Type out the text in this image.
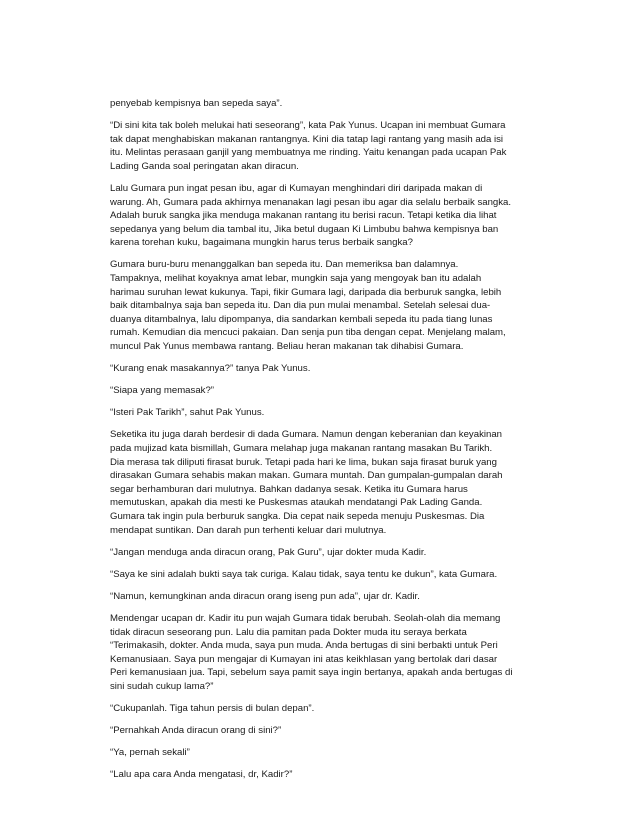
penyebab kempisnya ban sepeda saya”.

“Di sini kita tak boleh melukai hati seseorang”, kata Pak Yunus. Ucapan ini membuat Gumara
tak dapat menghabiskan makanan rantangnya. Kini dia tatap lagi rantang yang masih ada isi
itu. Melintas perasaan ganjil yang membuatnya me rinding. Yaitu kenangan pada ucapan Pak
Lading Ganda soal peringatan akan diracun.

Lalu Gumara pun ingat pesan ibu, agar di Kumayan menghindari diri daripada makan di
warung. Ah, Gumara pada akhirnya menanakan lagi pesan ibu agar dia selalu berbaik sangka.
Adalah buruk sangka jika menduga makanan rantang itu berisi racun. Tetapi ketika dia lihat
sepedanya yang belum dia tambal itu, Jika betul dugaan Ki Limbubu bahwa kempisnya ban
karena torehan kuku, bagaimana mungkin harus terus berbaik sangka?

Gumara buru-buru menanggalkan ban sepeda itu. Dan memeriksa ban dalamnya.
Tampaknya, melihat koyaknya amat lebar, mungkin saja yang mengoyak ban itu adalah
harimau suruhan lewat kukunya. Tapi, fikir Gumara lagi, daripada dia berburuk sangka, lebih
baik ditambalnya saja ban sepeda itu. Dan dia pun mulai menambal. Setelah selesai dua-
duanya ditambalnya, lalu dipompanya, dia sandarkan kembali sepeda itu pada tiang lunas
rumah. Kemudian dia mencuci pakaian. Dan senja pun tiba dengan cepat. Menjelang malam,
muncul Pak Yunus membawa rantang. Beliau heran makanan tak dihabisi Gumara.

“Kurang enak masakannya?” tanya Pak Yunus.

“Siapa yang memasak?”

“Isteri Pak Tarikh”, sahut Pak Yunus.

Seketika itu juga darah berdesir di dada Gumara. Namun dengan keberanian dan keyakinan
pada mujizad kata bismillah, Gumara melahap juga makanan rantang masakan Bu Tarikh.
Dia merasa tak diliputi firasat buruk. Tetapi pada hari ke lima, bukan saja firasat buruk yang
dirasakan Gumara sehabis makan makan. Gumara muntah. Dan gumpalan-gumpalan darah
segar berhamburan dari mulutnya. Bahkan dadanya sesak. Ketika itu Gumara harus
memutuskan, apakah dia mesti ke Puskesmas ataukah mendatangi Pak Lading Ganda.
Gumara tak ingin pula berburuk sangka. Dia cepat naik sepeda menuju Puskesmas. Dia
mendapat suntikan. Dan darah pun terhenti keluar dari mulutnya.

“Jangan menduga anda diracun orang, Pak Guru”, ujar dokter muda Kadir.

“Saya ke sini adalah bukti saya tak curiga. Kalau tidak, saya tentu ke dukun”, kata Gumara.

“Namun, kemungkinan anda diracun orang iseng pun ada”, ujar dr. Kadir.

Mendengar ucapan dr. Kadir itu pun wajah Gumara tidak berubah. Seolah-olah dia memang
tidak diracun seseorang pun. Lalu dia pamitan pada Dokter muda itu seraya berkata
“Terimakasih, dokter. Anda muda, saya pun muda. Anda bertugas di sini berbakti untuk Peri
Kemanusiaan. Saya pun mengajar di Kumayan ini atas keikhlasan yang bertolak dari dasar
Peri kemanusiaan jua. Tapi, sebelum saya pamit saya ingin bertanya, apakah anda bertugas di
sini sudah cukup lama?”

“Cukupanlah. Tiga tahun persis di bulan depan”.

“Pernahkah Anda diracun orang di sini?”

“Ya, pernah sekali”

“Lalu apa cara Anda mengatasi, dr, Kadir?”
